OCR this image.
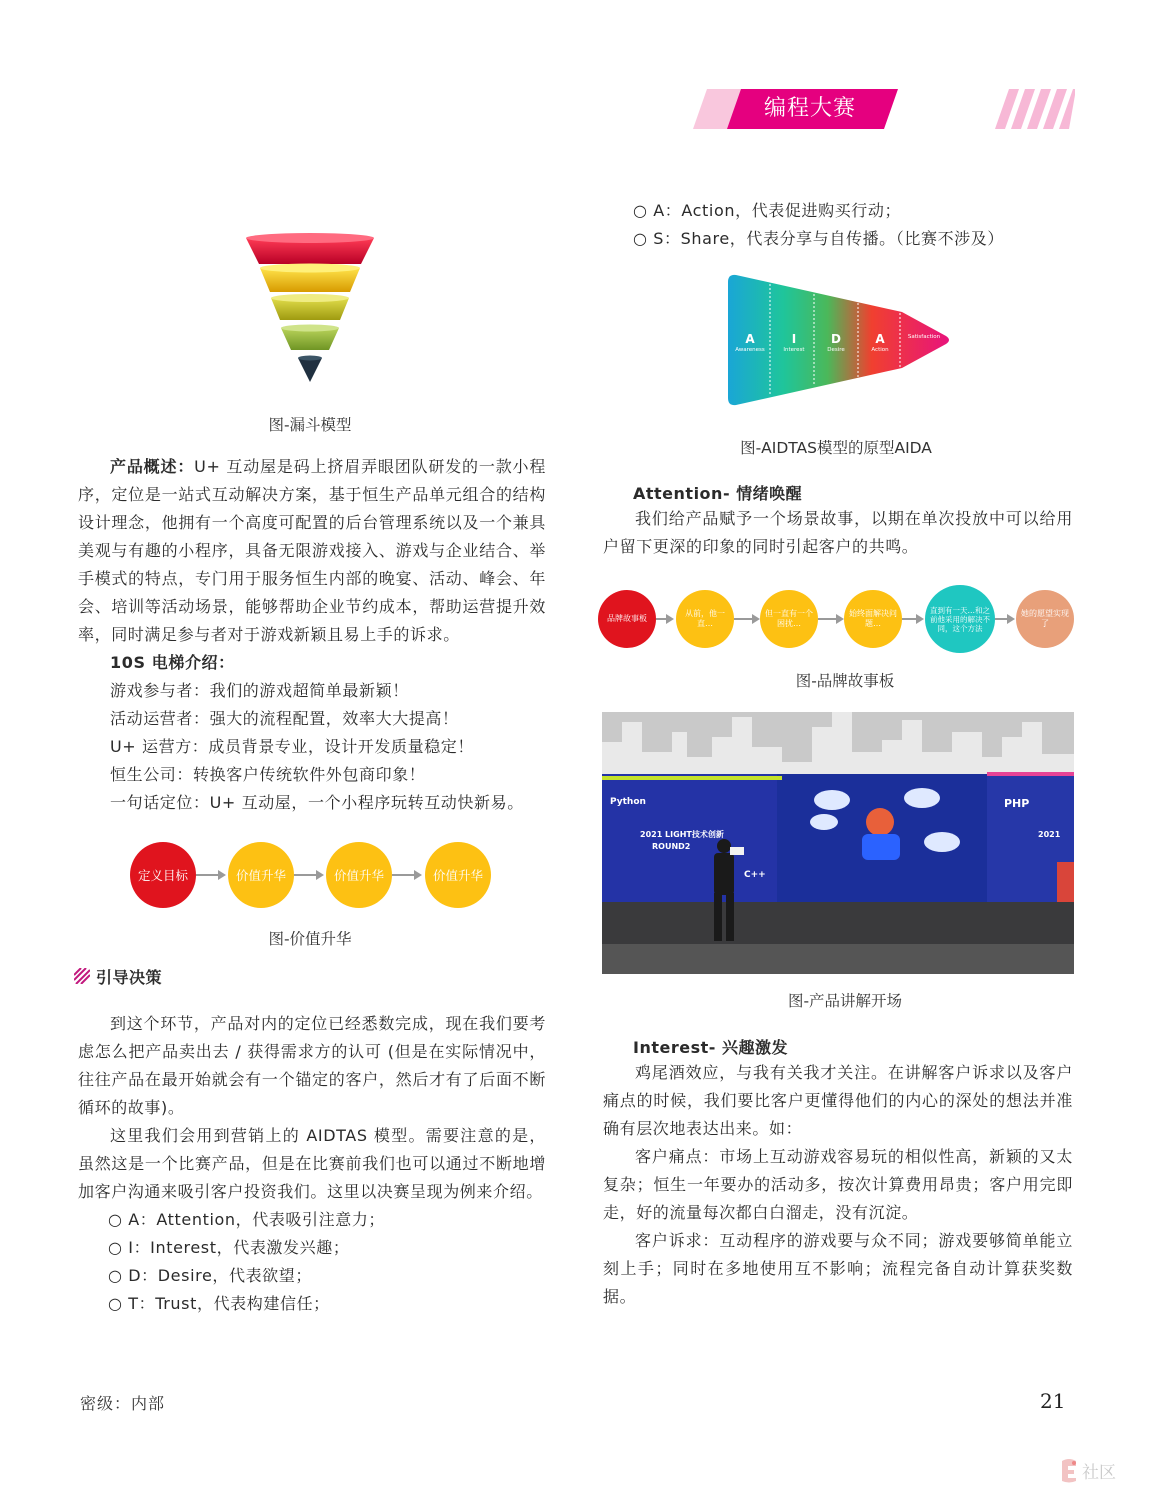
编程大赛
图-漏斗模型

产品概述：U+ 互动屋是码上挤眉弄眼团队研发的一款小程序，定位是一站式互动解决方案，基于恒生产品单元组合的结构设计理念，他拥有一个高度可配置的后台管理系统以及一个兼具美观与有趣的小程序，具备无限游戏接入、游戏与企业结合、举手模式的特点，专门用于服务恒生内部的晚宴、活动、峰会、年会、培训等活动场景，能够帮助企业节约成本，帮助运营提升效率，同时满足参与者对于游戏新颖且易上手的诉求。

10S 电梯介绍：

游戏参与者：我们的游戏超简单最新颖！

活动运营者：强大的流程配置，效率大大提高！

U+ 运营方：成员背景专业，设计开发质量稳定！

恒生公司：转换客户传统软件外包商印象！

一句话定位：U+ 互动屋，一个小程序玩转互动快新易。

定义目标	价值升华	价值升华	价值升华
图-价值升华
引导决策

到这个环节，产品对内的定位已经悉数完成，现在我们要考虑怎么把产品卖出去 / 获得需求方的认可 (但是在实际情况中，往往产品在最开始就会有一个锚定的客户，然后才有了后面不断循环的故事)。

这里我们会用到营销上的 AIDTAS 模型。需要注意的是，虽然这是一个比赛产品，但是在比赛前我们也可以通过不断地增加客户沟通来吸引客户投资我们。这里以决赛呈现为例来介绍。

○ A：Attention，代表吸引注意力；

○ I：Interest，代表激发兴趣；

○ D：Desire，代表欲望；

○ T：Trust，代表构建信任；

○ A：Action，代表促进购买行动；

○ S：Share，代表分享与自传播。（比赛不涉及）

A	I	D	A
Awareness	Interest	Desire	Action
Satisfaction
图-AIDTAS模型的原型AIDA
Attention- 情绪唤醒

我们给产品赋予一个场景故事，以期在单次投放中可以给用户留下更深的印象的同时引起客户的共鸣。

品牌故事板
从前，他一直…
但一直有一个困扰…
始终面解决问题…
直到有一天…和之前他采用的解决不同，这个方法
她的愿望实现了
图-品牌故事板
Python
2021 LIGHT技术创新
ROUND2
PHP
2021
C++
图-产品讲解开场
Interest- 兴趣激发

鸡尾酒效应，与我有关我才关注。在讲解客户诉求以及客户痛点的时候，我们要比客户更懂得他们的内心的深处的想法并准确有层次地表达出来。如：

客户痛点：市场上互动游戏容易玩的相似性高，新颖的又太复杂；恒生一年要办的活动多，按次计算费用昂贵；客户用完即走，好的流量每次都白白溜走，没有沉淀。

客户诉求：互动程序的游戏要与众不同；游戏要够简单能立刻上手；同时在多地使用互不影响；流程完备自动计算获奖数据。

密级：内部	21
社区
